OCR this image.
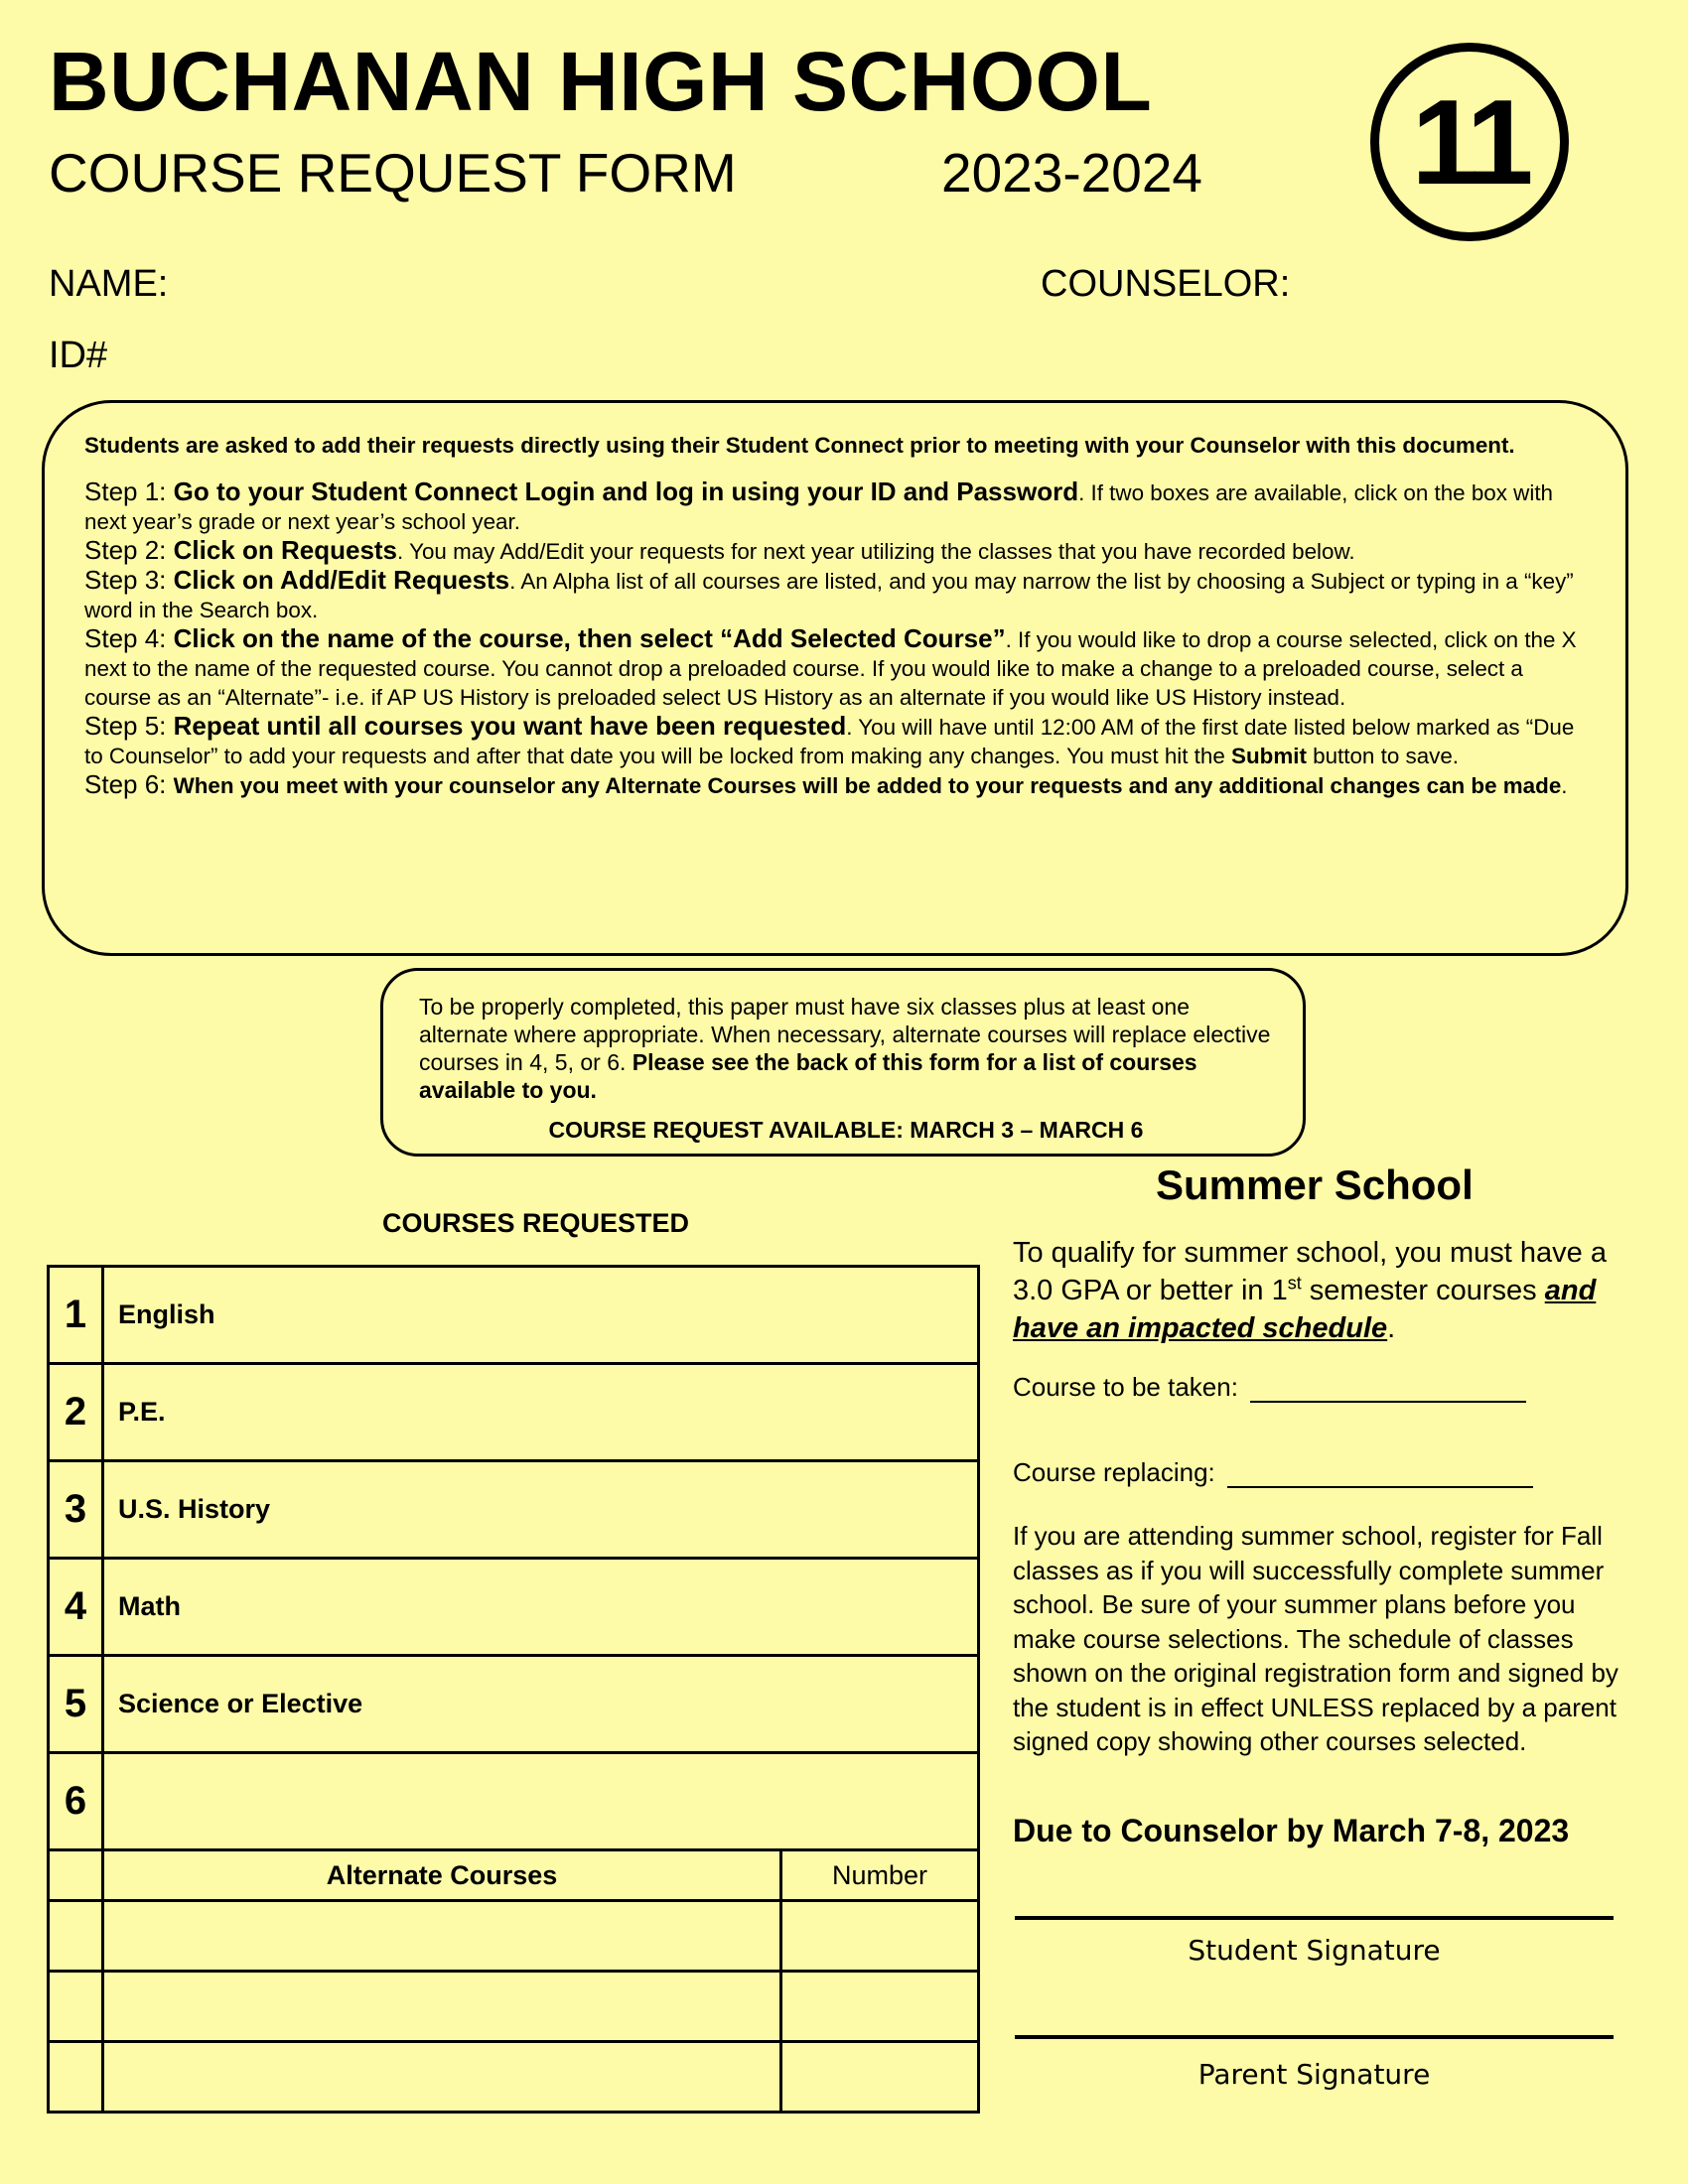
BUCHANAN HIGH SCHOOL
COURSE REQUEST FORM	2023-2024 11
NAME:	COUNSELOR:
ID#

Students are asked to add their requests directly using their Student Connect prior to meeting with your Counselor with this document.

Step 1: Go to your Student Connect Login and log in using your ID and Password. If two boxes are available, click on the box with next year’s grade or next year’s school year.

Step 2: Click on Requests. You may Add/Edit your requests for next year utilizing the classes that you have recorded below.

Step 3: Click on Add/Edit Requests. An Alpha list of all courses are listed, and you may narrow the list by choosing a Subject or typing in a “key” word in the Search box.

Step 4: Click on the name of the course, then select “Add Selected Course”. If you would like to drop a course selected, click on the X next to the name of the requested course. You cannot drop a preloaded course. If you would like to make a change to a preloaded course, select a course as an “Alternate”- i.e. if AP US History is preloaded select US History as an alternate if you would like US History instead.

Step 5: Repeat until all courses you want have been requested. You will have until 12:00 AM of the first date listed below marked as “Due to Counselor” to add your requests and after that date you will be locked from making any changes. You must hit the Submit button to save.

Step 6: When you meet with your counselor any Alternate Courses will be added to your requests and any additional changes can be made.

To be properly completed, this paper must have six classes plus at least one alternate where appropriate. When necessary, alternate courses will replace elective courses in 4, 5, or 6. Please see the back of this form for a list of courses available to you.
COURSE REQUEST AVAILABLE: MARCH 3 – MARCH 6
COURSES REQUESTED
1	English	
2	P.E.	
3	U.S. History	
4	Math	
5	Science or Elective	
6		
	Alternate Courses	Number

Summer School
To qualify for summer school, you must have a 3.0 GPA or better in 1st semester courses and have an impacted schedule.
Course to be taken:
Course replacing:
If you are attending summer school, register for Fall classes as if you will successfully complete summer school. Be sure of your summer plans before you make course selections. The schedule of classes shown on the original registration form and signed by the student is in effect UNLESS replaced by a parent signed copy showing other courses selected.
Due to Counselor by March 7-8, 2023
Student Signature
Parent Signature
